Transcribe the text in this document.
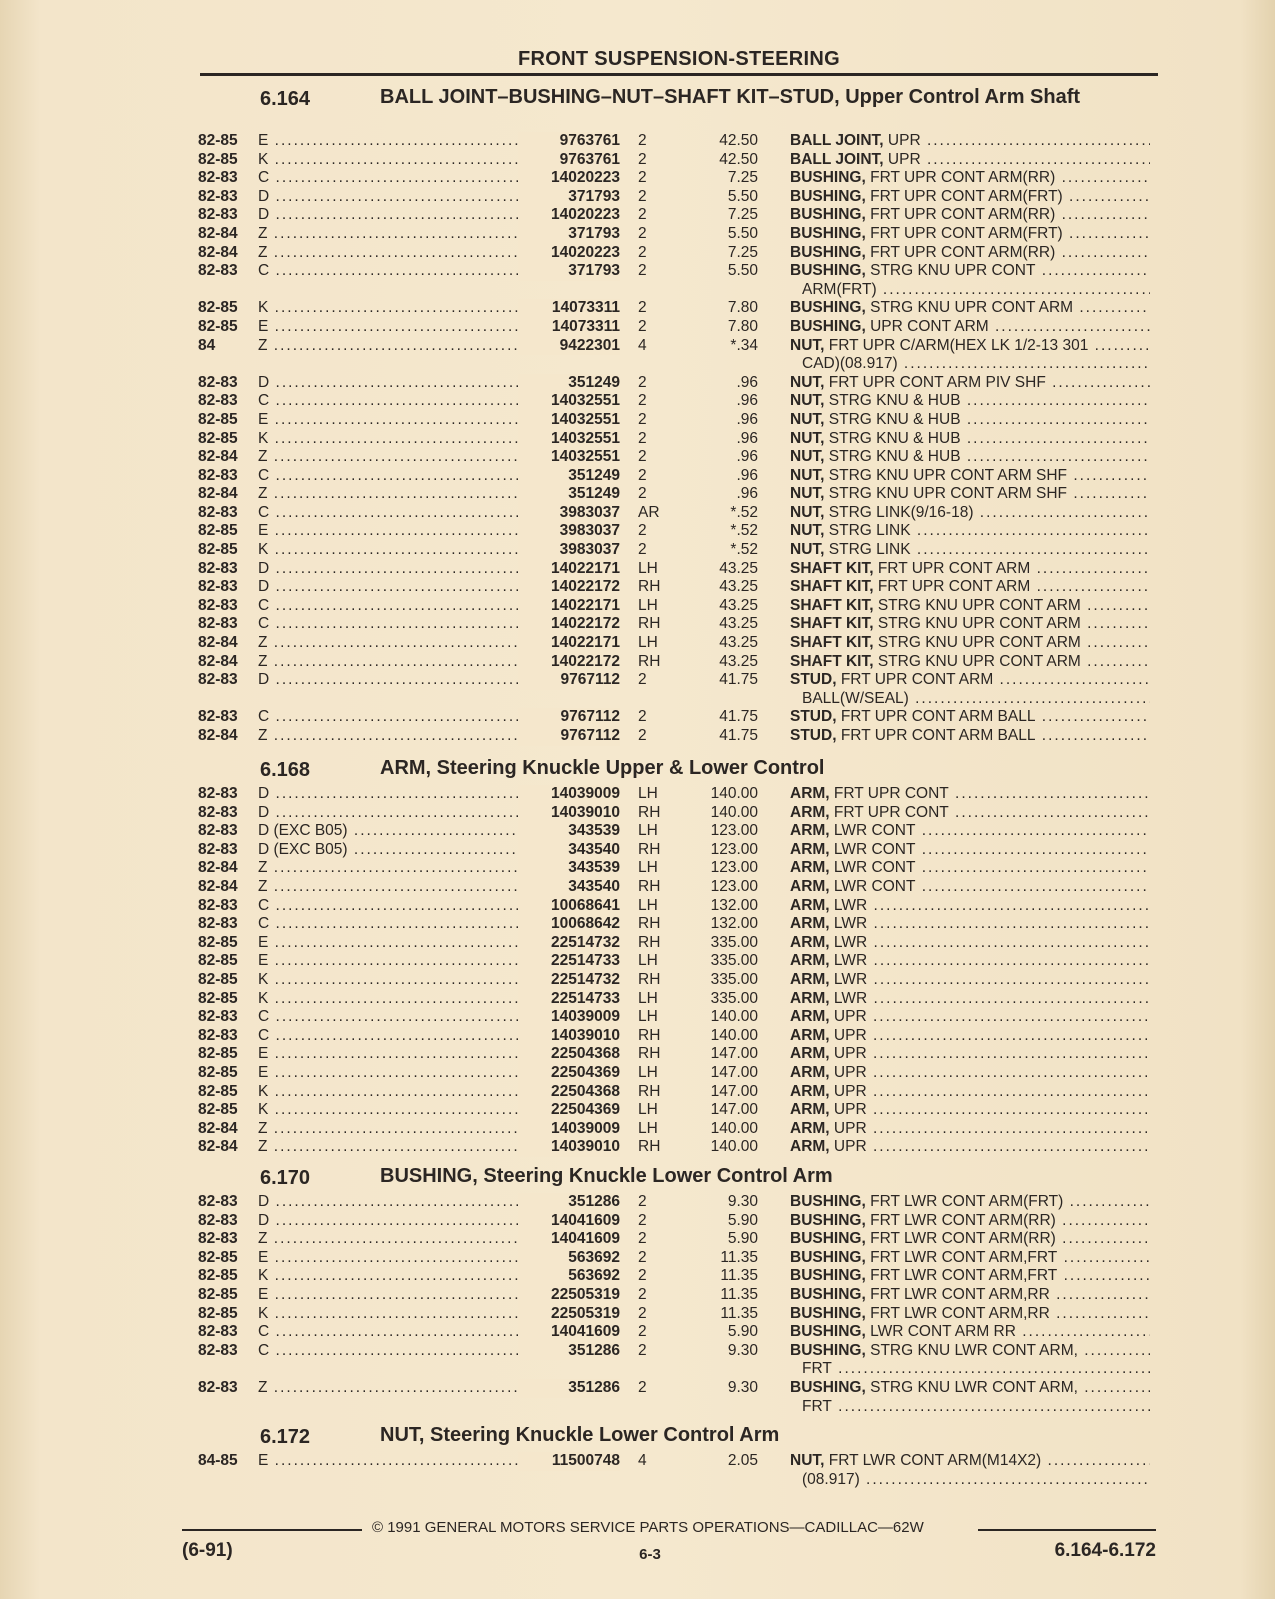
FRONT SUSPENSION-STEERING
6.164	BALL JOINT–BUSHING–NUT–SHAFT KIT–STUD, Upper Control Arm Shaft
82-85	E .....	9763761 2	42.50 BALL JOINT, UPR .....
82-85	K .....	9763761 2	42.50 BALL JOINT, UPR .....
82-83	C .....	14020223 2	7.25 BUSHING, FRT UPR CONT ARM(RR) .....
82-83	D .....	371793 2	5.50 BUSHING, FRT UPR CONT ARM(FRT) .....
82-83	D .....	14020223 2	7.25 BUSHING, FRT UPR CONT ARM(RR) .....
82-84	Z .....	371793 2	5.50 BUSHING, FRT UPR CONT ARM(FRT) .....
82-84	Z .....	14020223 2	7.25 BUSHING, FRT UPR CONT ARM(RR) .....
82-83	C .....	371793 2	5.50 BUSHING, STRG KNU UPR CONT .....
ARM(FRT) .....
82-85	K .....	14073311 2	7.80 BUSHING, STRG KNU UPR CONT ARM .....
82-85	E .....	14073311 2	7.80 BUSHING, UPR CONT ARM .....
84	Z .....	9422301 4	*.34 NUT, FRT UPR C/ARM(HEX LK 1/2-13 301 .....
CAD)(08.917) .....
82-83	D .....	351249 2	.96 NUT, FRT UPR CONT ARM PIV SHF .....
82-83	C .....	14032551 2	.96 NUT, STRG KNU & HUB .....
82-85	E .....	14032551 2	.96 NUT, STRG KNU & HUB .....
82-85	K .....	14032551 2	.96 NUT, STRG KNU & HUB .....
82-84	Z .....	14032551 2	.96 NUT, STRG KNU & HUB .....
82-83	C .....	351249 2	.96 NUT, STRG KNU UPR CONT ARM SHF .....
82-84	Z .....	351249 2	.96 NUT, STRG KNU UPR CONT ARM SHF .....
82-83	C .....	3983037 AR	*.52 NUT, STRG LINK(9/16-18) .....
82-85	E .....	3983037 2	*.52 NUT, STRG LINK .....
82-85	K .....	3983037 2	*.52 NUT, STRG LINK .....
82-83	D .....	14022171 LH	43.25 SHAFT KIT, FRT UPR CONT ARM .....
82-83	D .....	14022172 RH	43.25 SHAFT KIT, FRT UPR CONT ARM .....
82-83	C .....	14022171 LH	43.25 SHAFT KIT, STRG KNU UPR CONT ARM .....
82-83	C .....	14022172 RH	43.25 SHAFT KIT, STRG KNU UPR CONT ARM .....
82-84	Z .....	14022171 LH	43.25 SHAFT KIT, STRG KNU UPR CONT ARM .....
82-84	Z .....	14022172 RH	43.25 SHAFT KIT, STRG KNU UPR CONT ARM .....
82-83	D .....	9767112 2	41.75 STUD, FRT UPR CONT ARM .....
BALL(W/SEAL) .....
82-83	C .....	9767112 2	41.75 STUD, FRT UPR CONT ARM BALL .....
82-84	Z .....	9767112 2	41.75 STUD, FRT UPR CONT ARM BALL .....
6.168	ARM, Steering Knuckle Upper & Lower Control
82-83	D .....	14039009 LH	140.00 ARM, FRT UPR CONT .....
82-83	D .....	14039010 RH	140.00 ARM, FRT UPR CONT .....
82-83	D (EXC B05) .....	343539 LH	123.00 ARM, LWR CONT .....
82-83	D (EXC B05) .....	343540 RH	123.00 ARM, LWR CONT .....
82-84	Z .....	343539 LH	123.00 ARM, LWR CONT .....
82-84	Z .....	343540 RH	123.00 ARM, LWR CONT .....
82-83	C .....	10068641 LH	132.00 ARM, LWR .....
82-83	C .....	10068642 RH	132.00 ARM, LWR .....
82-85	E .....	22514732 RH	335.00 ARM, LWR .....
82-85	E .....	22514733 LH	335.00 ARM, LWR .....
82-85	K .....	22514732 RH	335.00 ARM, LWR .....
82-85	K .....	22514733 LH	335.00 ARM, LWR .....
82-83	C .....	14039009 LH	140.00 ARM, UPR .....
82-83	C .....	14039010 RH	140.00 ARM, UPR .....
82-85	E .....	22504368 RH	147.00 ARM, UPR .....
82-85	E .....	22504369 LH	147.00 ARM, UPR .....
82-85	K .....	22504368 RH	147.00 ARM, UPR .....
82-85	K .....	22504369 LH	147.00 ARM, UPR .....
82-84	Z .....	14039009 LH	140.00 ARM, UPR .....
82-84	Z .....	14039010 RH	140.00 ARM, UPR .....
6.170	BUSHING, Steering Knuckle Lower Control Arm
82-83	D .....	351286 2	9.30 BUSHING, FRT LWR CONT ARM(FRT) .....
82-83	D .....	14041609 2	5.90 BUSHING, FRT LWR CONT ARM(RR) .....
82-83	Z .....	14041609 2	5.90 BUSHING, FRT LWR CONT ARM(RR) .....
82-85	E .....	563692 2	11.35 BUSHING, FRT LWR CONT ARM,FRT .....
82-85	K .....	563692 2	11.35 BUSHING, FRT LWR CONT ARM,FRT .....
82-85	E .....	22505319 2	11.35 BUSHING, FRT LWR CONT ARM,RR .....
82-85	K .....	22505319 2	11.35 BUSHING, FRT LWR CONT ARM,RR .....
82-83	C .....	14041609 2	5.90 BUSHING, LWR CONT ARM RR .....
82-83	C .....	351286 2	9.30 BUSHING, STRG KNU LWR CONT ARM, .....
FRT .....
82-83	Z .....	351286 2	9.30 BUSHING, STRG KNU LWR CONT ARM, .....
FRT .....
6.172	NUT, Steering Knuckle Lower Control Arm
84-85	E .....	11500748 4	2.05 NUT, FRT LWR CONT ARM(M14X2) .....
(08.917) .....
© 1991 GENERAL MOTORS SERVICE PARTS OPERATIONS—CADILLAC—62W
(6-91)	6-3	6.164-6.172
